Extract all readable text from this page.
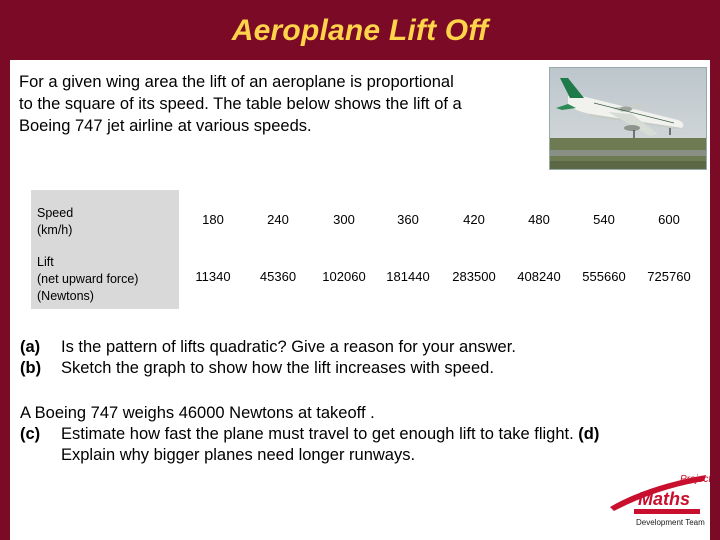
Aeroplane Lift Off
For a given wing area the lift of an aeroplane is proportional
to the square of its speed. The table below shows the lift of a
Boeing 747 jet airline at various speeds.
Speed
(km/h)
180	240	300	360	420	480	540	600
Lift
(net upward force)
(Newtons)
11340	45360	102060	181440	283500	408240	555660	725760
(a) Is the pattern of lifts quadratic? Give a reason for your answer.
(b) Sketch the graph to show how the lift increases with speed.
A Boeing 747 weighs 46000 Newtons at takeoff .
(c) Estimate how fast the plane must travel to get enough lift to take flight. (d)
Explain why bigger planes need longer runways.
Project
Maths
Development Team
